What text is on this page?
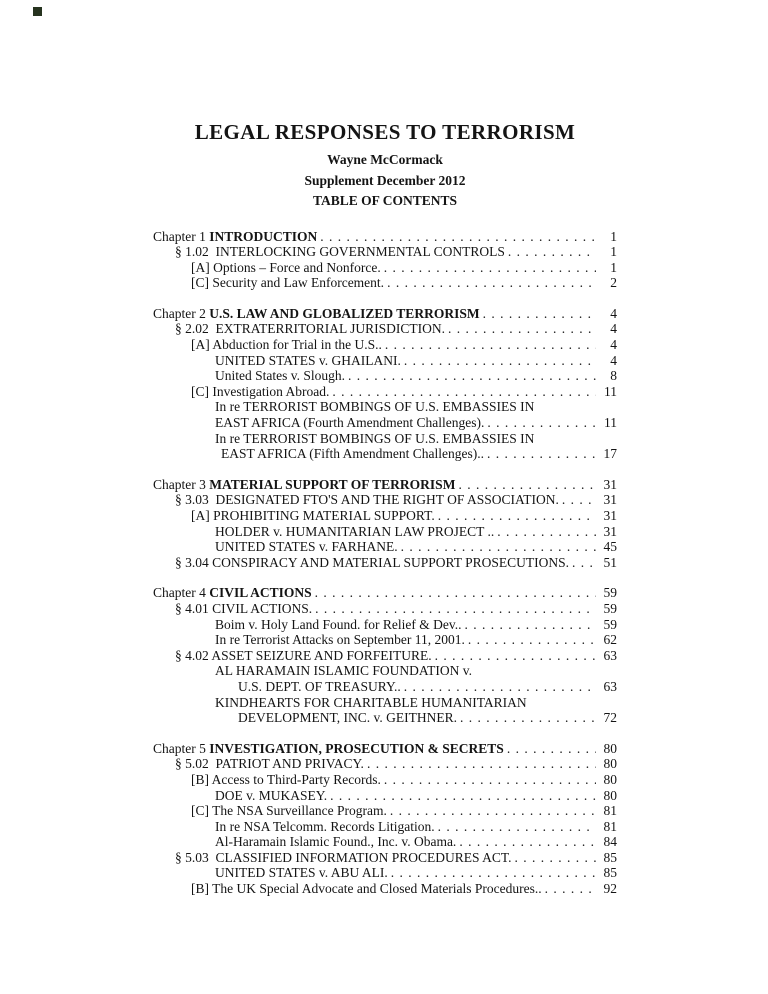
LEGAL RESPONSES TO TERRORISM
Wayne McCormack
Supplement December 2012
TABLE OF CONTENTS
Chapter 1 INTRODUCTION . . .	1
§ 1.02  INTERLOCKING GOVERNMENTAL CONTROLS . . .	1
[A] Options – Force and Nonforce. . . .	1
[C] Security and Law Enforcement. . . .	2
Chapter 2 U.S. LAW AND GLOBALIZED TERRORISM . . .	4
§ 2.02  EXTRATERRITORIAL JURISDICTION. . . .	4
[A] Abduction for Trial in the U.S.. . . .	4
UNITED STATES v. GHAILANI. . . .	4
United States v. Slough. . . .	8
[C] Investigation Abroad. . . .	11
In re TERRORIST BOMBINGS OF U.S. EMBASSIES IN
EAST AFRICA (Fourth Amendment Challenges). . . .	11
In re TERRORIST BOMBINGS OF U.S. EMBASSIES IN
EAST AFRICA (Fifth Amendment Challenges).. . . .	17
Chapter 3 MATERIAL SUPPORT OF TERRORISM . . .	31
§ 3.03  DESIGNATED FTO'S AND THE RIGHT OF ASSOCIATION. . . .	31
[A] PROHIBITING MATERIAL SUPPORT. . . .	31
HOLDER v. HUMANITARIAN LAW PROJECT .. . . .	31
UNITED STATES v. FARHANE. . . .	45
§ 3.04 CONSPIRACY AND MATERIAL SUPPORT PROSECUTIONS. . . .	51
Chapter 4 CIVIL ACTIONS . . .	59
§ 4.01 CIVIL ACTIONS. . . .	59
Boim v. Holy Land Found. for Relief & Dev.. . . .	59
In re Terrorist Attacks on September 11, 2001. . . .	62
§ 4.02 ASSET SEIZURE AND FORFEITURE. . . .	63
AL HARAMAIN ISLAMIC FOUNDATION v.
U.S. DEPT. OF TREASURY.. . . .	63
KINDHEARTS FOR CHARITABLE HUMANITARIAN
DEVELOPMENT, INC. v. GEITHNER. . . .	72
Chapter 5 INVESTIGATION, PROSECUTION & SECRETS . . .	80
§ 5.02  PATRIOT AND PRIVACY. . . .	80
[B] Access to Third-Party Records. . . .	80
DOE v. MUKASEY. . . .	80
[C] The NSA Surveillance Program. . . .	81
In re NSA Telcomm. Records Litigation. . . .	81
Al-Haramain Islamic Found., Inc. v. Obama. . . .	84
§ 5.03  CLASSIFIED INFORMATION PROCEDURES ACT. . . .	85
UNITED STATES v. ABU ALI. . . .	85
[B] The UK Special Advocate and Closed Materials Procedures.. . . .	92
